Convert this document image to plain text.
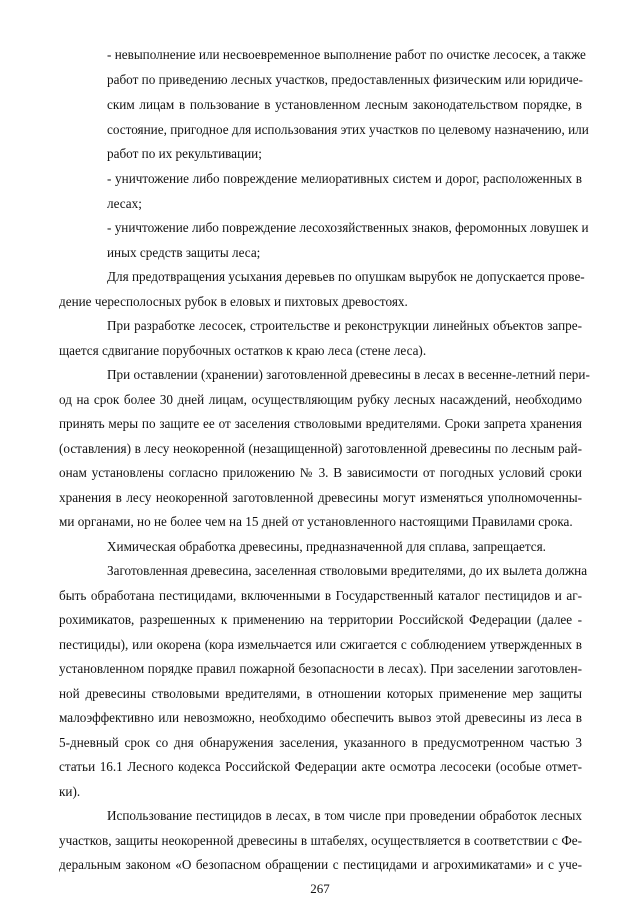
- невыполнение или несвоевременное выполнение работ по очистке лесосек, а также
работ по приведению лесных участков, предоставленных физическим или юридиче-
ским лицам в пользование в установленном лесным законодательством порядке, в
состояние, пригодное для использования этих участков по целевому назначению, или
работ по их рекультивации;
- уничтожение либо повреждение мелиоративных систем и дорог, расположенных в
лесах;
- уничтожение либо повреждение лесохозяйственных знаков, феромонных ловушек и
иных средств защиты леса;
Для предотвращения усыхания деревьев по опушкам вырубок не допускается прове-
дение чересполосных рубок в еловых и пихтовых древостоях.
При разработке лесосек, строительстве и реконструкции линейных объектов запре-
щается сдвигание порубочных остатков к краю леса (стене леса).
При оставлении (хранении) заготовленной древесины в лесах в весенне-летний пери-
од на срок более 30 дней лицам, осуществляющим рубку лесных насаждений, необходимо
принять меры по защите ее от заселения стволовыми вредителями. Сроки запрета хранения
(оставления) в лесу неокоренной (незащищенной) заготовленной древесины по лесным рай-
онам установлены согласно приложению № 3. В зависимости от погодных условий сроки
хранения в лесу неокоренной заготовленной древесины могут изменяться уполномоченны-
ми органами, но не более чем на 15 дней от установленного настоящими Правилами срока.
Химическая обработка древесины, предназначенной для сплава, запрещается.
Заготовленная древесина, заселенная стволовыми вредителями, до их вылета должна
быть обработана пестицидами, включенными в Государственный каталог пестицидов и аг-
рохимикатов, разрешенных к применению на территории Российской Федерации (далее -
пестициды), или окорена (кора измельчается или сжигается с соблюдением утвержденных в
установленном порядке правил пожарной безопасности в лесах). При заселении заготовлен-
ной древесины стволовыми вредителями, в отношении которых применение мер защиты
малоэффективно или невозможно, необходимо обеспечить вывоз этой древесины из леса в
5-дневный срок со дня обнаружения заселения, указанного в предусмотренном частью 3
статьи 16.1 Лесного кодекса Российской Федерации акте осмотра лесосеки (особые отмет-
ки).
Использование пестицидов в лесах, в том числе при проведении обработок лесных
участков, защиты неокоренной древесины в штабелях, осуществляется в соответствии с Фе-
деральным законом «О безопасном обращении с пестицидами и агрохимикатами» и с уче-
267
